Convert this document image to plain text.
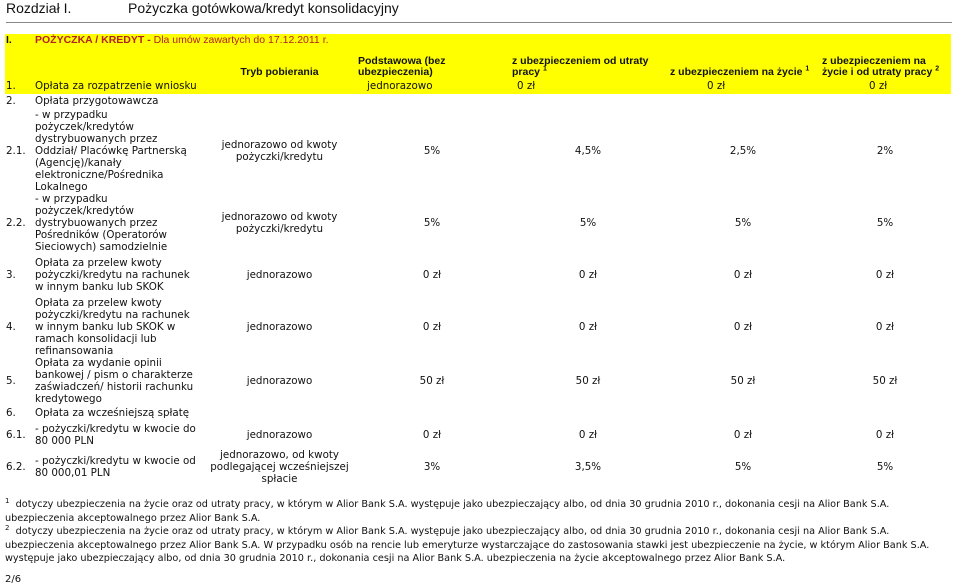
Rozdział I.	Pożyczka gotówkowa/kredyt konsolidacyjny
I.	POŻYCZKA / KREDYT - Dla umów zawartych do 17.12.2011 r.					
		Tryb pobierania	Podstawowa (bez ubezpieczenia)	z ubezpieczeniem od utraty pracy $^1$	z ubezpieczeniem na życie $^1$	z ubezpieczeniem na życie i od utraty pracy $^2$
1.	Opłata za rozpatrzenie wniosku		jednorazowo	0 zł	0 zł	0 zł
2.	Opłata przygotowawcza					
2.1.	- w przypadku pożyczek/kredytów dystrybuowanych przez Oddział/ Placówkę Partnerską (Agencję)/kanały elektroniczne/Pośrednika Lokalnego	jednorazowo od kwoty pożyczki/kredytu	5%	4,5%	2,5%	2%
2.2.	- w przypadku pożyczek/kredytów dystrybuowanych przez Pośredników (Operatorów Sieciowych) samodzielnie	jednorazowo od kwoty pożyczki/kredytu	5%	5%	5%	5%
3.	Opłata za przelew kwoty pożyczki/kredytu na rachunek w innym banku lub SKOK	jednorazowo	0 zł	0 zł	0 zł	0 zł
4.	Opłata za przelew kwoty pożyczki/kredytu na rachunek w innym banku lub SKOK w ramach konsolidacji lub refinansowania	jednorazowo	0 zł	0 zł	0 zł	0 zł
5.	Opłata za wydanie opinii bankowej / pism o charakterze zaświadczeń/ historii rachunku kredytowego	jednorazowo	50 zł	50 zł	50 zł	50 zł
6.	Opłata za wcześniejszą spłatę					
6.1.	- pożyczki/kredytu w kwocie do 80 000 PLN	jednorazowo	0 zł	0 zł	0 zł	0 zł
6.2.	- pożyczki/kredytu w kwocie od 80 000,01 PLN	jednorazowo, od kwoty podlegającej wcześniejszej spłacie	3%	3,5%	5%	5%

$^1$ dotyczy ubezpieczenia na życie oraz od utraty pracy, w którym w Alior Bank S.A. występuje jako ubezpieczający albo, od dnia 30 grudnia 2010 r., dokonania cesji na Alior Bank S.A. ubezpieczenia akceptowalnego przez Alior Bank S.A.

$^2$ dotyczy ubezpieczenia na życie oraz od utraty pracy, w którym w Alior Bank S.A. występuje jako ubezpieczający albo, od dnia 30 grudnia 2010 r., dokonania cesji na Alior Bank S.A. ubezpieczenia akceptowalnego przez Alior Bank S.A. W przypadku osób na rencie lub emeryturze wystarczające do zastosowania stawki jest ubezpieczenie na życie, w którym Alior Bank S.A. występuje jako ubezpieczający albo, od dnia 30 grudnia 2010 r., dokonania cesji na Alior Bank S.A. ubezpieczenia na życie akceptowalnego przez Alior Bank S.A.

2/6
